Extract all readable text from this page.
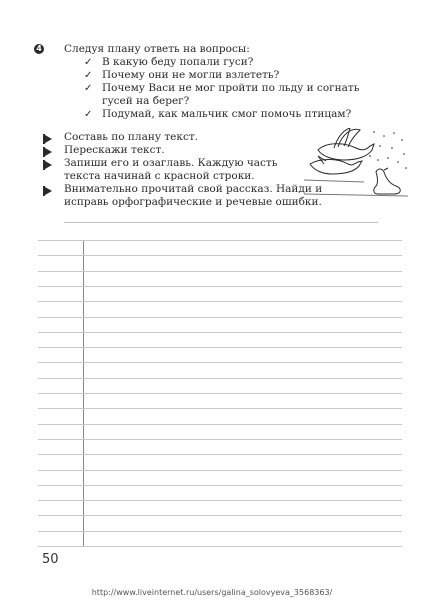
4 Следуя плану ответь на вопросы:
✓ В какую беду попали гуси?
✓ Почему они не могли взлететь?
✓ Почему Васи не мог пройти по льду и согнать
гусей на берег?
✓ Подумай, как мальчик смог помочь птицам?
Составь по плану текст.
Перескажи текст.
Запиши его и озаглавь. Каждую часть
текста начинай с красной строки.
Внимательно прочитай свой рассказ. Найди и
исправь орфографические и речевые ошибки.
50
http://www.liveinternet.ru/users/galina_solovyeva_3568363/
